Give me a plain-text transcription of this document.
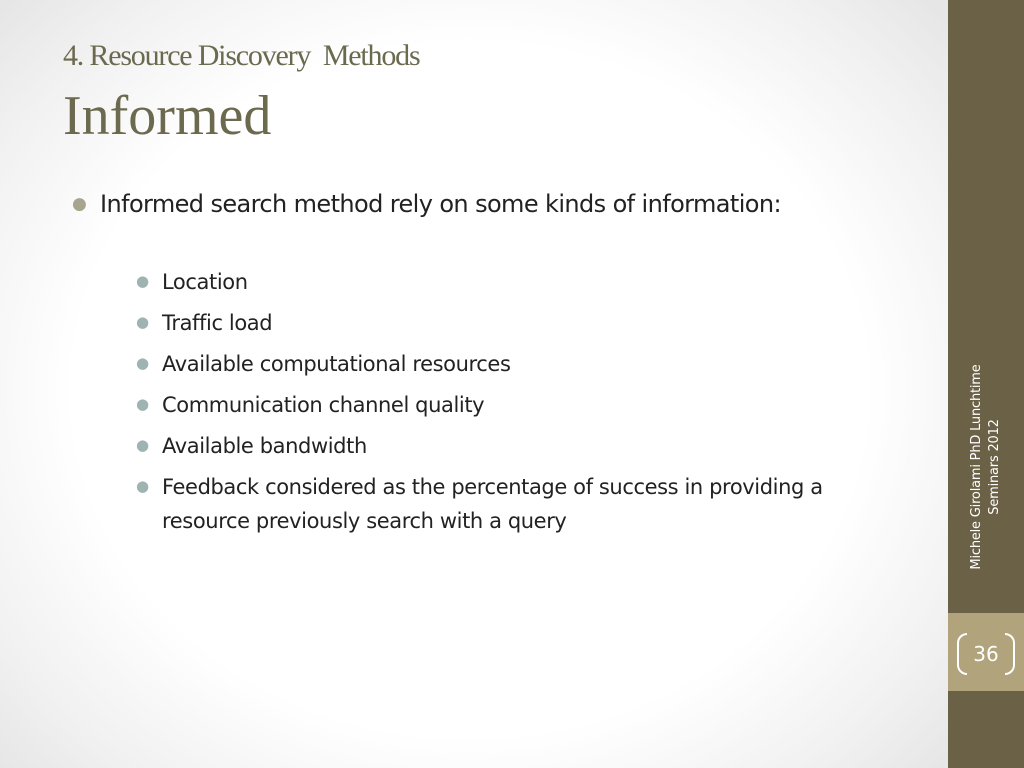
4. Resource Discovery  Methods
Informed
● Informed search method rely on some kinds of information:
● Location
● Traffic load
● Available computational resources
● Communication channel quality
● Available bandwidth
● Feedback considered as the percentage of success in providing a resource previously search with a query	Michele Girolami PhD Lunchtime Seminars 2012
36
